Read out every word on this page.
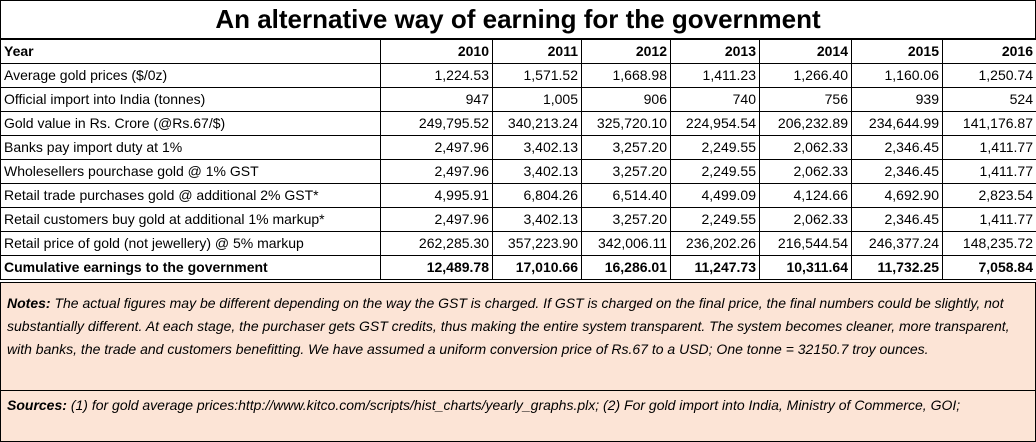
An alternative way of earning for the government
Year	2010	2011	2012	2013	2014	2015	2016
Average gold prices ($/0z)	1,224.53	1,571.52	1,668.98	1,411.23	1,266.40	1,160.06	1,250.74
Official import into India (tonnes)	947	1,005	906	740	756	939	524
Gold value in Rs. Crore (@Rs.67/$)	249,795.52	340,213.24	325,720.10	224,954.54	206,232.89	234,644.99	141,176.87
Banks pay import duty at 1%	2,497.96	3,402.13	3,257.20	2,249.55	2,062.33	2,346.45	1,411.77
Wholesellers pourchase gold @ 1% GST	2,497.96	3,402.13	3,257.20	2,249.55	2,062.33	2,346.45	1,411.77
Retail trade purchases gold @ additional 2% GST*	4,995.91	6,804.26	6,514.40	4,499.09	4,124.66	4,692.90	2,823.54
Retail customers buy gold at additional 1% markup*	2,497.96	3,402.13	3,257.20	2,249.55	2,062.33	2,346.45	1,411.77
Retail price of gold (not jewellery) @ 5% markup	262,285.30	357,223.90	342,006.11	236,202.26	216,544.54	246,377.24	148,235.72
Cumulative earnings to the government	12,489.78	17,010.66	16,286.01	11,247.73	10,311.64	11,732.25	7,058.84
Notes: The actual figures may be different depending on the way the GST is charged. If GST is charged on the final price, the final numbers could be slightly, not substantially different. At each stage, the purchaser gets GST credits, thus making the entire system transparent. The system becomes cleaner, more transparent, with banks, the trade and customers benefitting. We have assumed a uniform conversion price of Rs.67 to a USD; One tonne = 32150.7 troy ounces.
Sources: (1) for gold average prices:http://www.kitco.com/scripts/hist_charts/yearly_graphs.plx; (2) For gold import into India, Ministry of Commerce, GOI;
